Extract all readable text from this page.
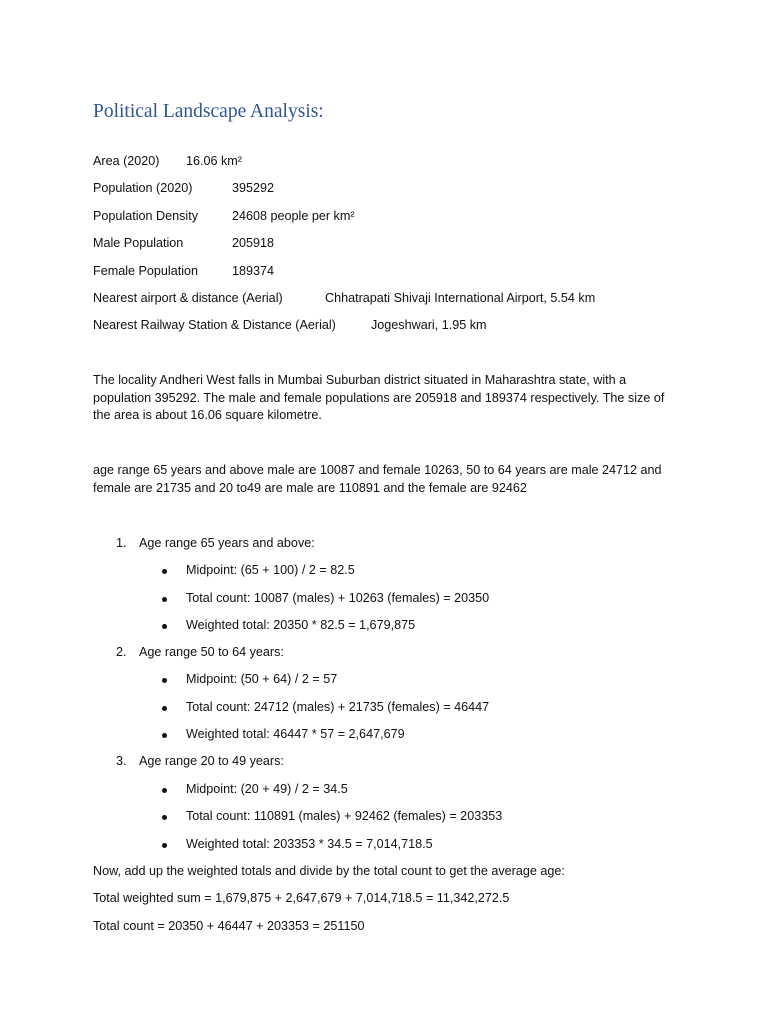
Political Landscape Analysis:
Area (2020) 16.06 km²
Population (2020)	395292
Population Density	24608 people per km²
Male Population	205918
Female Population	189374
Nearest airport & distance (Aerial)	Chhatrapati Shivaji International Airport, 5.54 km
Nearest Railway Station & Distance (Aerial)	Jogeshwari, 1.95 km

The locality Andheri West falls in Mumbai Suburban district situated in Maharashtra state, with a population 395292. The male and female populations are 205918 and 189374 respectively. The size of the area is about 16.06 square kilometre.

age range 65 years and above male are 10087 and female 10263, 50 to 64 years are male 24712 and female are 21735 and 20 to49 are male are 110891 and the female are 92462

1. Age range 65 years and above:
Midpoint: (65 + 100) / 2 = 82.5
Total count: 10087 (males) + 10263 (females) = 20350
Weighted total: 20350 * 82.5 = 1,679,875
2. Age range 50 to 64 years:
Midpoint: (50 + 64) / 2 = 57
Total count: 24712 (males) + 21735 (females) = 46447
Weighted total: 46447 * 57 = 2,647,679
3. Age range 20 to 49 years:
Midpoint: (20 + 49) / 2 = 34.5
Total count: 110891 (males) + 92462 (females) = 203353
Weighted total: 203353 * 34.5 = 7,014,718.5
Now, add up the weighted totals and divide by the total count to get the average age:
Total weighted sum = 1,679,875 + 2,647,679 + 7,014,718.5 = 11,342,272.5
Total count = 20350 + 46447 + 203353 = 251150
